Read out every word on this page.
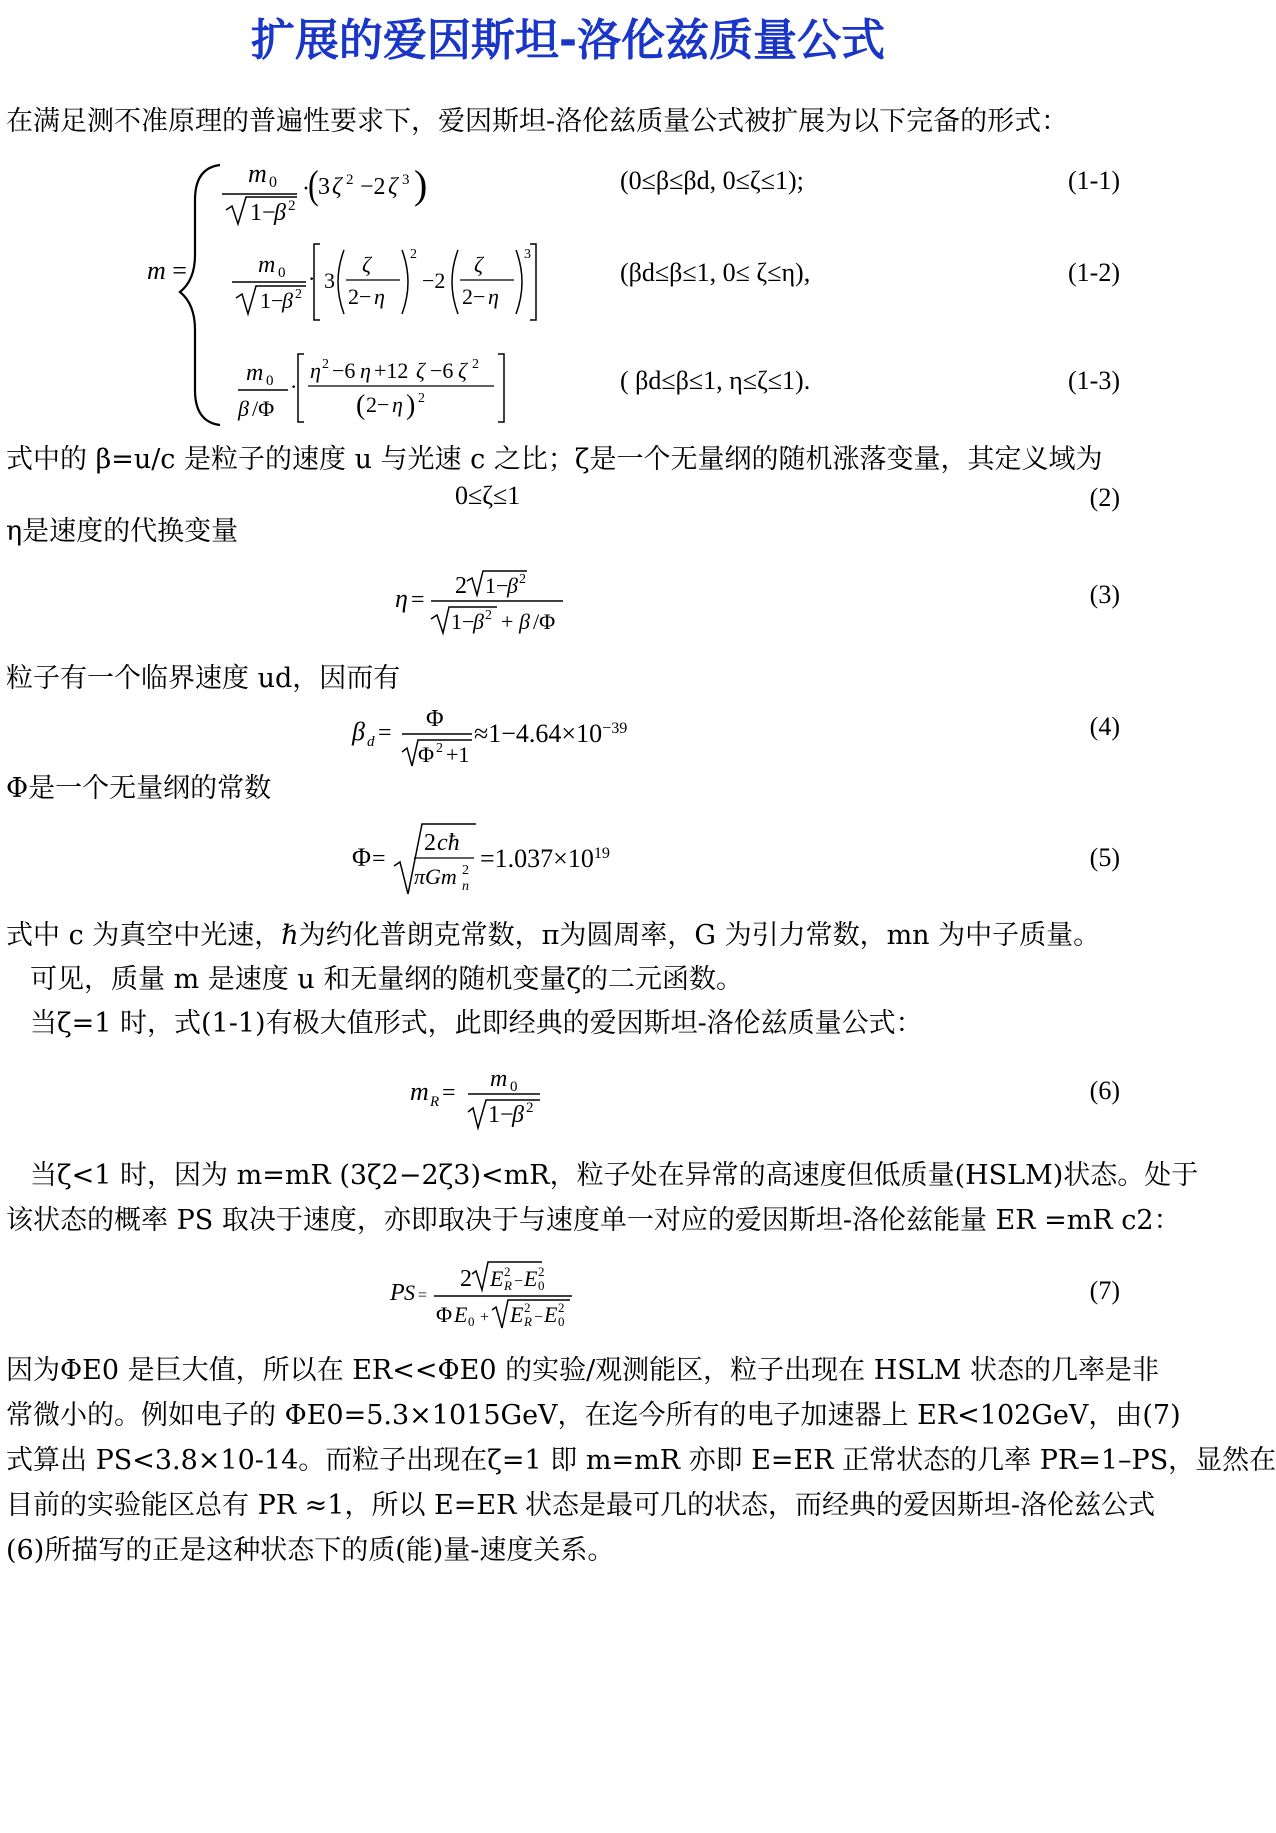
扩展的爱因斯坦-洛伦兹质量公式
在满足测不准原理的普遍性要求下，爱因斯坦-洛伦兹质量公式被扩展为以下完备的形式：
m =
m 0
1−
β 2
·
( 3 ζ 2 −2 ζ 3 )	(0≤β≤βd, 0≤ζ≤1);	(1-1)
m 0
1−
β 2
· 3
ζ
2− η
2
−2
ζ
2− η
3
(βd≤β≤1, 0≤ ζ≤η),	(1-2)
m 0
β /Φ
·
η 2 −6 η +12 ζ −6 ζ 2
( 2− η ) 2
( βd≤β≤1, η≤ζ≤1).	(1-3)
式中的 β=u/c 是粒子的速度 u 与光速 c 之比；ζ是一个无量纲的随机涨落变量，其定义域为
0≤ζ≤1	(2)
η是速度的代换变量
η =
2 1−
β 2
1−
β 2 + β /Φ
(3)
粒子有一个临界速度 ud，因而有
β d =
Φ
Φ 2 +1
$\approx 1-4.64\times 10^{-39}$	(4)
Φ是一个无量纲的常数
Φ =
2 cħ
πGm 2
n
$=1.037\times 10^{19}$	(5)
式中 c 为真空中光速，ℏ为约化普朗克常数，π为圆周率，G 为引力常数，mn 为中子质量。
可见，质量 m 是速度 u 和无量纲的随机变量ζ的二元函数。
当ζ=1 时，式(1-1)有极大值形式，此即经典的爱因斯坦-洛伦兹质量公式：
m R =
m 0
1−
β 2
(6)
当ζ<1 时，因为 m=mR (3ζ2−2ζ3)<mR，粒子处在异常的高速度但低质量(HSLM)状态。处于
该状态的概率 PS 取决于速度，亦即取决于与速度单一对应的爱因斯坦-洛伦兹能量 ER =mR c2：
P S =
2 E 2
R − E 2
0
Φ E 0 + E 2
R − E 2
0
(7)
因为ΦE0 是巨大值，所以在 ER<<ΦE0 的实验/观测能区，粒子出现在 HSLM 状态的几率是非
常微小的。例如电子的 ΦE0=5.3×1015GeV，在迄今所有的电子加速器上 ER<102GeV，由(7)
式算出 PS<3.8×10-14。而粒子出现在ζ=1 即 m=mR 亦即 E=ER 正常状态的几率 PR=1–PS，显然在
目前的实验能区总有 PR ≈1，所以 E=ER 状态是最可几的状态，而经典的爱因斯坦-洛伦兹公式
(6)所描写的正是这种状态下的质(能)量-速度关系。
